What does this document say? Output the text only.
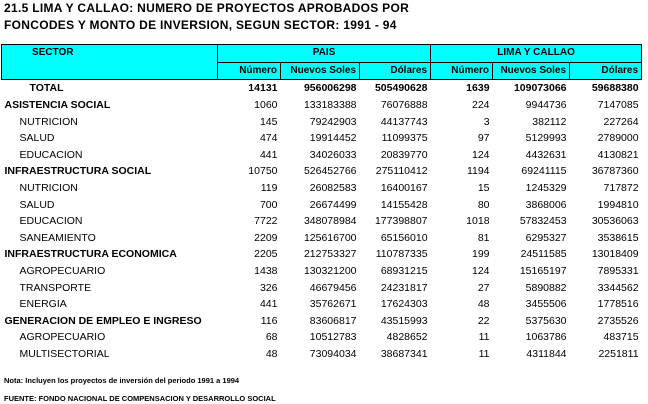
21.5 LIMA Y CALLAO: NUMERO DE PROYECTOS APROBADOS POR
FONCODES Y MONTO DE INVERSION, SEGUN SECTOR: 1991 - 94
SECTOR	PAIS			LIMA Y CALLAO		
	Número	Nuevos Soles	Dólares	Número	Nuevos Soles	Dólares
TOTAL	14131	956006298	505490628	1639	109073066	59688380
ASISTENCIA SOCIAL	1060	133183388	76076888	224	9944736	7147085
NUTRICION	145	79242903	44137743	3	382112	227264
SALUD	474	19914452	11099375	97	5129993	2789000
EDUCACION	441	34026033	20839770	124	4432631	4130821
INFRAESTRUCTURA SOCIAL	10750	526452766	275110412	1194	69241115	36787360
NUTRICION	119	26082583	16400167	15	1245329	717872
SALUD	700	26674499	14155428	80	3868006	1994810
EDUCACION	7722	348078984	177398807	1018	57832453	30536063
SANEAMIENTO	2209	125616700	65156010	81	6295327	3538615
INFRAESTRUCTURA ECONOMICA	2205	212753327	110787335	199	24511585	13018409
AGROPECUARIO	1438	130321200	68931215	124	15165197	7895331
TRANSPORTE	326	46679456	24231817	27	5890882	3344562
ENERGIA	441	35762671	17624303	48	3455506	1778516
GENERACION DE EMPLEO E INGRESO	116	83606817	43515993	22	5375630	2735526
AGROPECUARIO	68	10512783	4828652	11	1063786	483715
MULTISECTORIAL	48	73094034	38687341	11	4311844	2251811
Nota: Incluyen los proyectos de inversión del periodo 1991 a 1994
FUENTE: FONDO NACIONAL DE COMPENSACION Y DESARROLLO SOCIAL
